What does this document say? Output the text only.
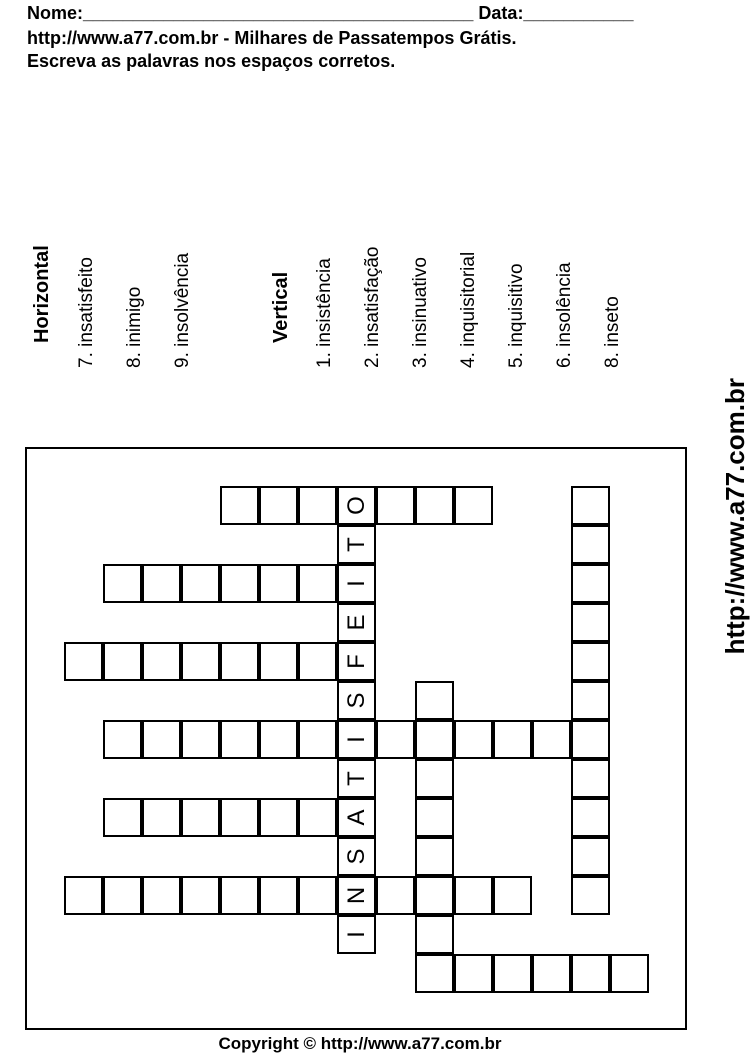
Nome:_______________________________________ Data:___________
http://www.a77.com.br - Milhares de Passatempos Grátis.
Escreva as palavras nos espaços corretos.
Horizontal 7. insatisfeito 8. inimigo 9. insolvência	Vertical 1. insistência 2. insatisfação 3. insinuativo 4. inquisitorial 5. inquisitivo 6. insolência 8. inseto
http://www.a77.com.br
I
N
S
A
T
I
S
F
E
I
T
O
Copyright © http://www.a77.com.br
